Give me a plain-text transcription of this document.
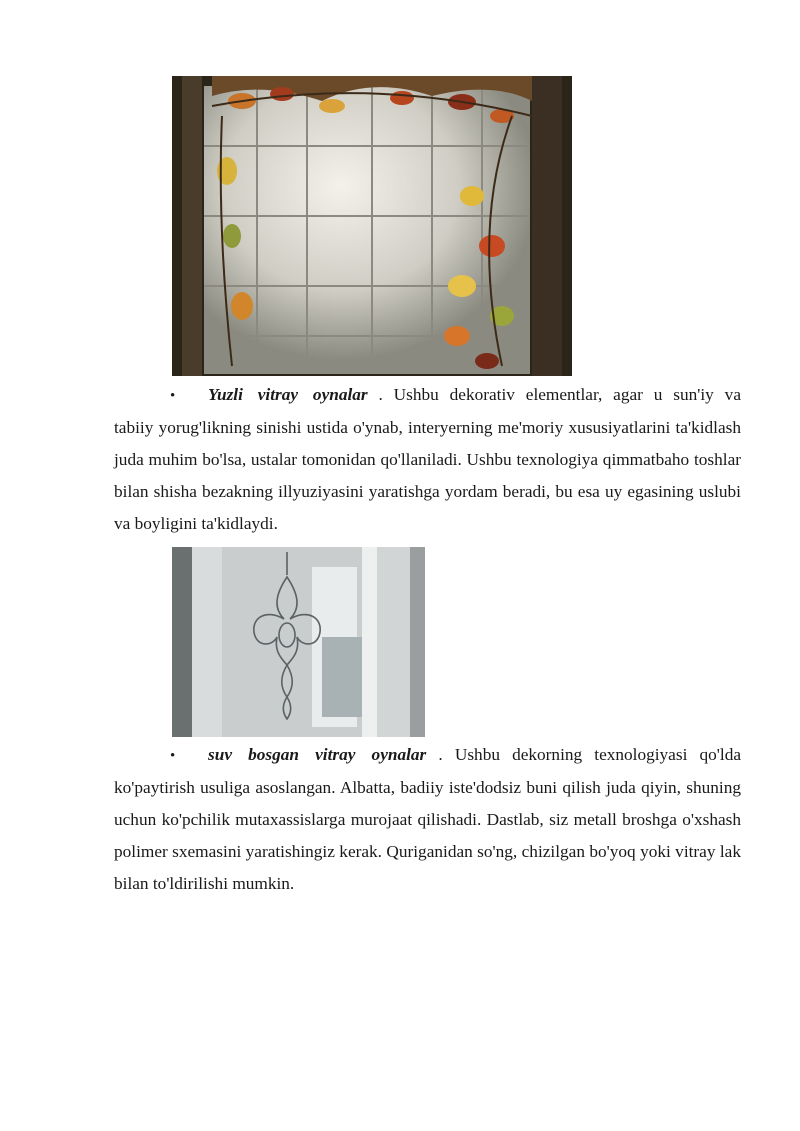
• Yuzli vitray oynalar . Ushbu dekorativ elementlar, agar u sun'iy va
tabiiy yorug'likning sinishi ustida o'ynab, interyerning me'moriy xususiyatlarini ta'kidlash juda muhim bo'lsa, ustalar tomonidan qo'llaniladi. Ushbu texnologiya qimmatbaho toshlar bilan shisha bezakning illyuziyasini yaratishga yordam beradi, bu esa uy egasining uslubi va boyligini ta'kidlaydi.
• suv bosgan vitray oynalar . Ushbu dekorning texnologiyasi qo'lda
ko'paytirish usuliga asoslangan. Albatta, badiiy iste'dodsiz buni qilish juda qiyin, shuning uchun ko'pchilik mutaxassislarga murojaat qilishadi. Dastlab, siz metall broshga o'xshash polimer sxemasini yaratishingiz kerak. Quriganidan so'ng, chizilgan bo'yoq yoki vitray lak bilan to'ldirilishi mumkin.
